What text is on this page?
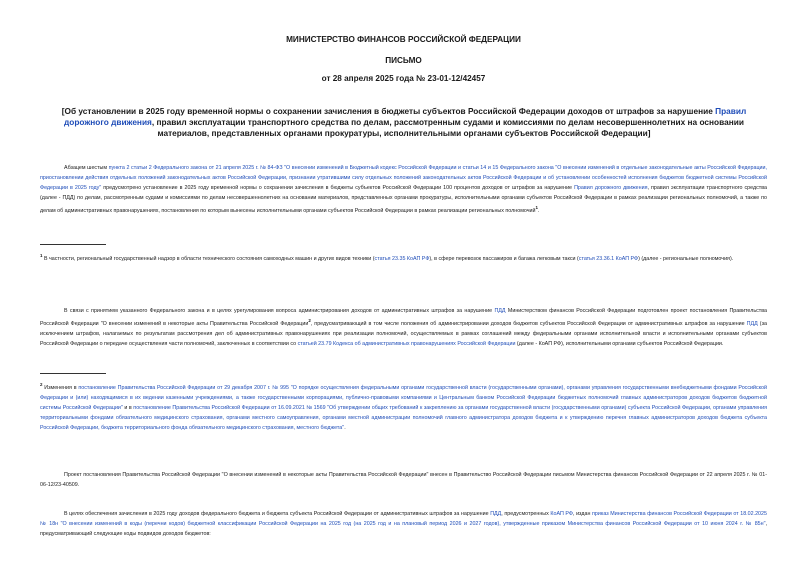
МИНИСТЕРСТВО ФИНАНСОВ РОССИЙСКОЙ ФЕДЕРАЦИИ
ПИСЬМО
от 28 апреля 2025 года № 23-01-12/42457
[Об установлении в 2025 году временной нормы о сохранении зачисления в бюджеты субъектов Российской Федерации доходов от штрафов за нарушение Правил дорожного движения, правил эксплуатации транспортного средства по делам, рассмотренным судами и комиссиями по делам несовершеннолетних на основании материалов, представленных органами прокуратуры, исполнительными органами субъектов Российской Федерации]

Абзацем шестым пункта 2 статьи 2 Федерального закона от 21 апреля 2025 г. № 84-ФЗ "О внесении изменений в Бюджетный кодекс Российской Федерации и статьи 14 и 15 Федерального закона "О внесении изменений в отдельные законодательные акты Российской Федерации, приостановлении действия отдельных положений законодательных актов Российской Федерации, признании утратившими силу отдельных положений законодательных актов Российской Федерации и об установлении особенностей исполнения бюджетов бюджетной системы Российской Федерации в 2025 году" предусмотрено установление в 2025 году временной нормы о сохранении зачисления в бюджеты субъектов Российской Федерации 100 процентов доходов от штрафов за нарушение Правил дорожного движения, правил эксплуатации транспортного средства (далее - ПДД) по делам, рассмотренным судами и комиссиями по делам несовершеннолетних на основании материалов, представленных органами прокуратуры, исполнительными органами субъектов Российской Федерации в рамках реализации региональных полномочий, а также по делам об административных правонарушениях, постановления по которым вынесены исполнительными органами субъектов Российской Федерации в рамках реализации региональных полномочий$^1$.

$^1$ В частности, региональный государственный надзор в области технического состояния самоходных машин и других видов техники (статья 23.35 КоАП РФ), в сфере перевозок пассажиров и багажа легковым такси (статья 23.36.1 КоАП РФ) (далее - региональные полномочия).

В связи с принятием указанного Федерального закона и в целях урегулирования вопроса администрирования доходов от административных штрафов за нарушение ПДД Министерством финансов Российской Федерации подготовлен проект постановления Правительства Российской Федерации "О внесении изменений в некоторые акты Правительства Российской Федерации$^2$, предусматривающий в том числе положения об администрировании доходов бюджетов субъектов Российской Федерации от административных штрафов за нарушение ПДД (за исключением штрафов, налагаемых по результатам рассмотрения дел об административных правонарушениях при реализации полномочий, осуществляемых в рамках соглашений между федеральными органами исполнительной власти и исполнительными органами субъектов Российской Федерации о передаче осуществления части полномочий, заключенных в соответствии со статьей 23.79 Кодекса об административных правонарушениях Российской Федерации (далее - КоАП РФ), исполнительными органами субъектов Российской Федерации.

$^2$ Изменения в постановление Правительства Российской Федерации от 29 декабря 2007 г. № 995 "О порядке осуществления федеральными органами государственной власти (государственными органами), органами управления государственными внебюджетными фондами Российской Федерации и (или) находящимися в их ведении казенными учреждениями, а также государственными корпорациями, публично-правовыми компаниями и Центральным банком Российской Федерации бюджетных полномочий главных администраторов доходов бюджетов бюджетной системы Российской Федерации" и в постановление Правительства Российской Федерации от 16.09.2021 № 1569 "Об утверждении общих требований к закреплению за органами государственной власти (государственными органами) субъекта Российской Федерации, органами управления территориальными фондами обязательного медицинского страхования, органами местного самоуправления, органами местной администрации полномочий главного администратора доходов бюджета и к утверждению перечня главных администраторов доходов бюджета субъекта Российской Федерации, бюджета территориального фонда обязательного медицинского страхования, местного бюджета".

Проект постановления Правительства Российской Федерации "О внесении изменений в некоторые акты Правительства Российской Федерации" внесен в Правительство Российской Федерации письмом Министерства финансов Российской Федерации от 22 апреля 2025 г. № 01-06-12/23-40509.

В целях обеспечения зачисления в 2025 году доходов федерального бюджета и бюджета субъекта Российской Федерации от административных штрафов за нарушение ПДД, предусмотренных КоАП РФ, издан приказ Министерства финансов Российской Федерации от 18.02.2025 № 18н "О внесении изменений в коды (перечни кодов) бюджетной классификации Российской Федерации на 2025 год (на 2025 год и на плановый период 2026 и 2027 годов), утвержденные приказом Министерства финансов Российской Федерации от 10 июня 2024 г. № 85н", предусматривающий следующие коды подвидов доходов бюджетов:
